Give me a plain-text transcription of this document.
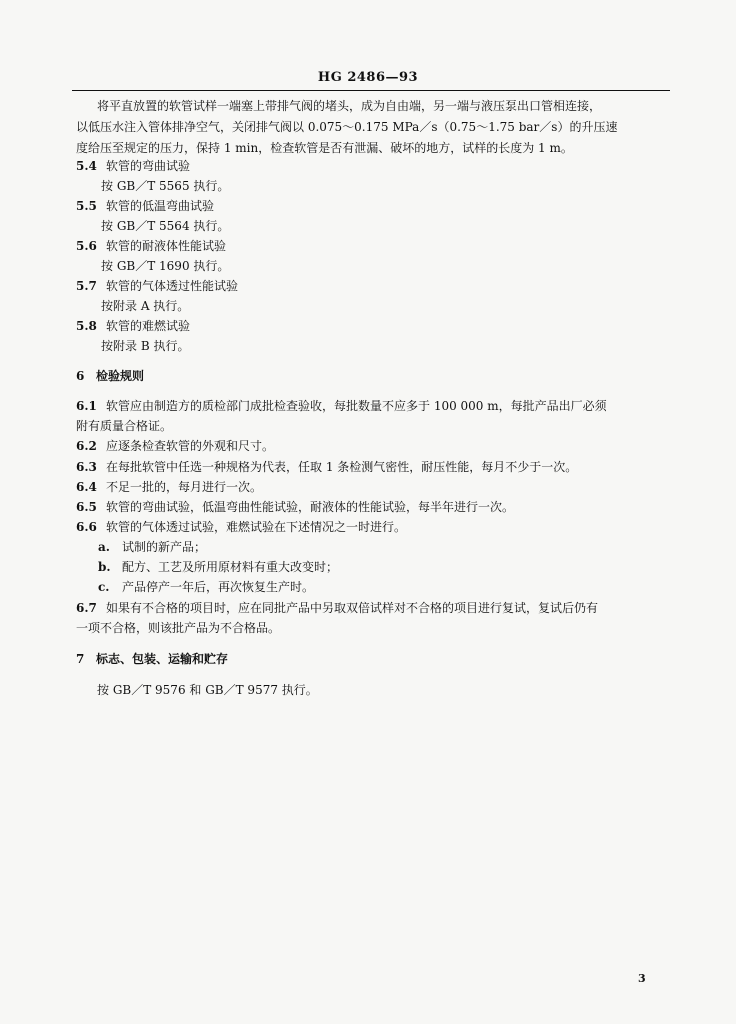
HG 2486—93
将平直放置的软管试样一端塞上带排气阀的堵头，成为自由端，另一端与液压泵出口管相连接，
以低压水注入管体排净空气，关闭排气阀以 0.075～0.175 MPa／s（0.75～1.75 bar／s）的升压速
度给压至规定的压力，保持 1 min，检查软管是否有泄漏、破坏的地方，试样的长度为 1 m。
5.4 软管的弯曲试验
按 GB／T 5565 执行。
5.5 软管的低温弯曲试验
按 GB／T 5564 执行。
5.6 软管的耐液体性能试验
按 GB／T 1690 执行。
5.7 软管的气体透过性能试验
按附录 A 执行。
5.8 软管的难燃试验
按附录 B 执行。
6 检验规则
6.1 软管应由制造方的质检部门成批检查验收，每批数量不应多于 100 000 m，每批产品出厂必须
附有质量合格证。
6.2 应逐条检查软管的外观和尺寸。
6.3 在每批软管中任选一种规格为代表，任取 1 条检测气密性，耐压性能，每月不少于一次。
6.4 不足一批的，每月进行一次。
6.5 软管的弯曲试验，低温弯曲性能试验，耐液体的性能试验，每半年进行一次。
6.6 软管的气体透过试验，难燃试验在下述情况之一时进行。
a. 试制的新产品；
b. 配方、工艺及所用原材料有重大改变时；
c. 产品停产一年后，再次恢复生产时。
6.7 如果有不合格的项目时，应在同批产品中另取双倍试样对不合格的项目进行复试，复试后仍有
一项不合格，则该批产品为不合格品。
7 标志、包装、运输和贮存
按 GB／T 9576 和 GB／T 9577 执行。
3
